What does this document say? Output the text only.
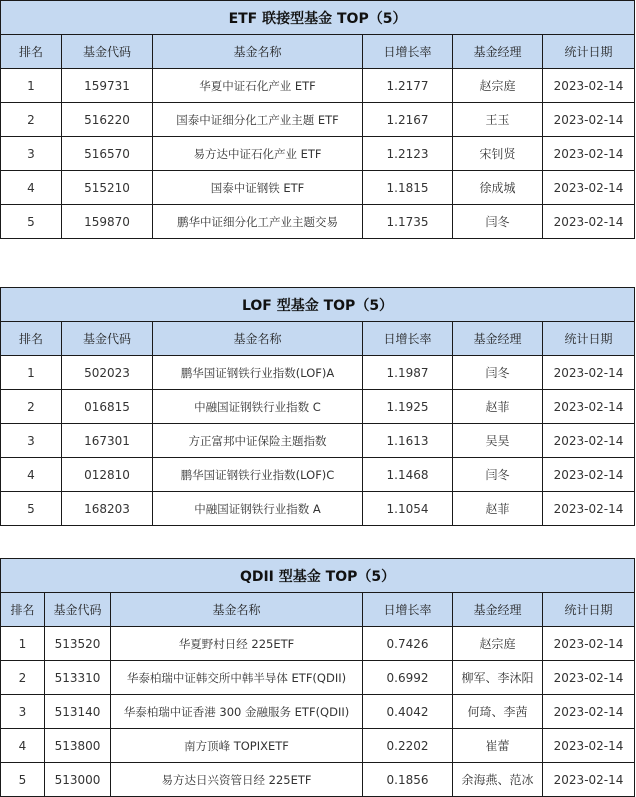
ETF 联接型基金 TOP（5）					
排名	基金代码	基金名称	日增长率	基金经理	统计日期
1	159731	华夏中证石化产业 ETF	1.2177	赵宗庭	2023-02-14
2	516220	国泰中证细分化工产业主题 ETF	1.2167	王玉	2023-02-14
3	516570	易方达中证石化产业 ETF	1.2123	宋钊贤	2023-02-14
4	515210	国泰中证钢铁 ETF	1.1815	徐成城	2023-02-14
5	159870	鹏华中证细分化工产业主题交易	1.1735	闫冬	2023-02-14
LOF 型基金 TOP（5）					
排名	基金代码	基金名称	日增长率	基金经理	统计日期
1	502023	鹏华国证钢铁行业指数(LOF)A	1.1987	闫冬	2023-02-14
2	016815	中融国证钢铁行业指数 C	1.1925	赵菲	2023-02-14
3	167301	方正富邦中证保险主题指数	1.1613	吴昊	2023-02-14
4	012810	鹏华国证钢铁行业指数(LOF)C	1.1468	闫冬	2023-02-14
5	168203	中融国证钢铁行业指数 A	1.1054	赵菲	2023-02-14
QDII 型基金 TOP（5）					
排名	基金代码	基金名称	日增长率	基金经理	统计日期
1	513520	华夏野村日经 225ETF	0.7426	赵宗庭	2023-02-14
2	513310	华泰柏瑞中证韩交所中韩半导体 ETF(QDII)	0.6992	柳军、李沐阳	2023-02-14
3	513140	华泰柏瑞中证香港 300 金融服务 ETF(QDII)	0.4042	何琦、李茜	2023-02-14
4	513800	南方顶峰 TOPIXETF	0.2202	崔蕾	2023-02-14
5	513000	易方达日兴资管日经 225ETF	0.1856	余海燕、范冰	2023-02-14
